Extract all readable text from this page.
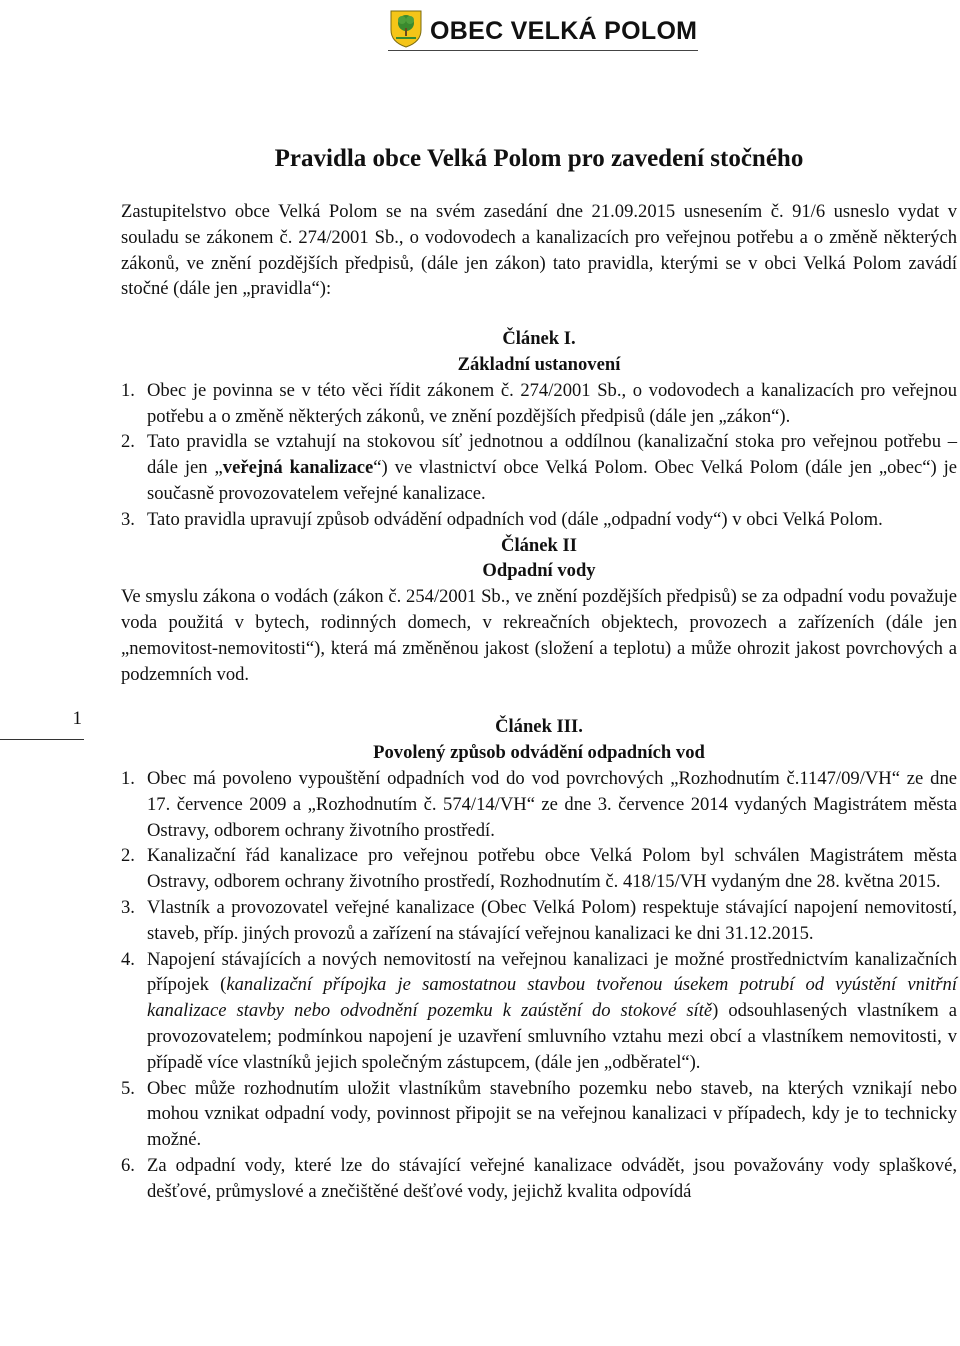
OBEC VELKÁ POLOM
1
Pravidla obce Velká Polom pro zavedení stočného

Zastupitelstvo obce Velká Polom se na svém zasedání dne 21.09.2015 usnesením č. 91/6 usneslo vydat v souladu se zákonem č. 274/2001 Sb., o vodovodech a kanalizacích pro veřejnou potřebu a o změně některých zákonů, ve znění pozdějších předpisů, (dále jen zákon) tato pravidla, kterými se v obci Velká Polom zavádí stočné (dále jen „pravidla“):

Článek I.
Základní ustanovení
1. Obec je povinna se v této věci řídit zákonem č. 274/2001 Sb., o vodovodech a kanalizacích pro veřejnou potřebu a o změně některých zákonů, ve znění pozdějších předpisů (dále jen „zákon“).
2. Tato pravidla se vztahují na stokovou síť jednotnou a oddílnou (kanalizační stoka pro veřejnou potřebu – dále jen „veřejná kanalizace“) ve vlastnictví obce Velká Polom. Obec Velká Polom (dále jen „obec“) je současně provozovatelem veřejné kanalizace.
3. Tato pravidla upravují způsob odvádění odpadních vod (dále „odpadní vody“) v obci Velká Polom.
Článek II
Odpadní vody

Ve smyslu zákona o vodách (zákon č. 254/2001 Sb., ve znění pozdějších předpisů) se za odpadní vodu považuje voda použitá v bytech, rodinných domech, v rekreačních objektech, provozech a zařízeních (dále jen „nemovitost-nemovitosti“), která má změněnou jakost (složení a teplotu) a může ohrozit jakost povrchových a podzemních vod.

Článek III.
Povolený způsob odvádění odpadních vod
1. Obec má povoleno vypouštění odpadních vod do vod povrchových „Rozhodnutím č.1147/09/VH“ ze dne 17. července 2009 a „Rozhodnutím č. 574/14/VH“ ze dne 3. července 2014 vydaných Magistrátem města Ostravy, odborem ochrany životního prostředí.
2. Kanalizační řád kanalizace pro veřejnou potřebu obce Velká Polom byl schválen Magistrátem města Ostravy, odborem ochrany životního prostředí, Rozhodnutím č. 418/15/VH vydaným dne 28. května 2015.
3. Vlastník a provozovatel veřejné kanalizace (Obec Velká Polom) respektuje stávající napojení nemovitostí, staveb, příp. jiných provozů a zařízení na stávající veřejnou kanalizaci ke dni 31.12.2015.
4. Napojení stávajících a nových nemovitostí na veřejnou kanalizaci je možné prostřednictvím kanalizačních přípojek (kanalizační přípojka je samostatnou stavbou tvořenou úsekem potrubí od vyústění vnitřní kanalizace stavby nebo odvodnění pozemku k zaústění do stokové sítě) odsouhlasených vlastníkem a provozovatelem; podmínkou napojení je uzavření smluvního vztahu mezi obcí a vlastníkem nemovitosti, v případě více vlastníků jejich společným zástupcem, (dále jen „odběratel“).
5. Obec může rozhodnutím uložit vlastníkům stavebního pozemku nebo staveb, na kterých vznikají nebo mohou vznikat odpadní vody, povinnost připojit se na veřejnou kanalizaci v případech, kdy je to technicky možné.
6. Za odpadní vody, které lze do stávající veřejné kanalizace odvádět, jsou považovány vody splaškové, dešťové, průmyslové a znečištěné dešťové vody, jejichž kvalita odpovídá
